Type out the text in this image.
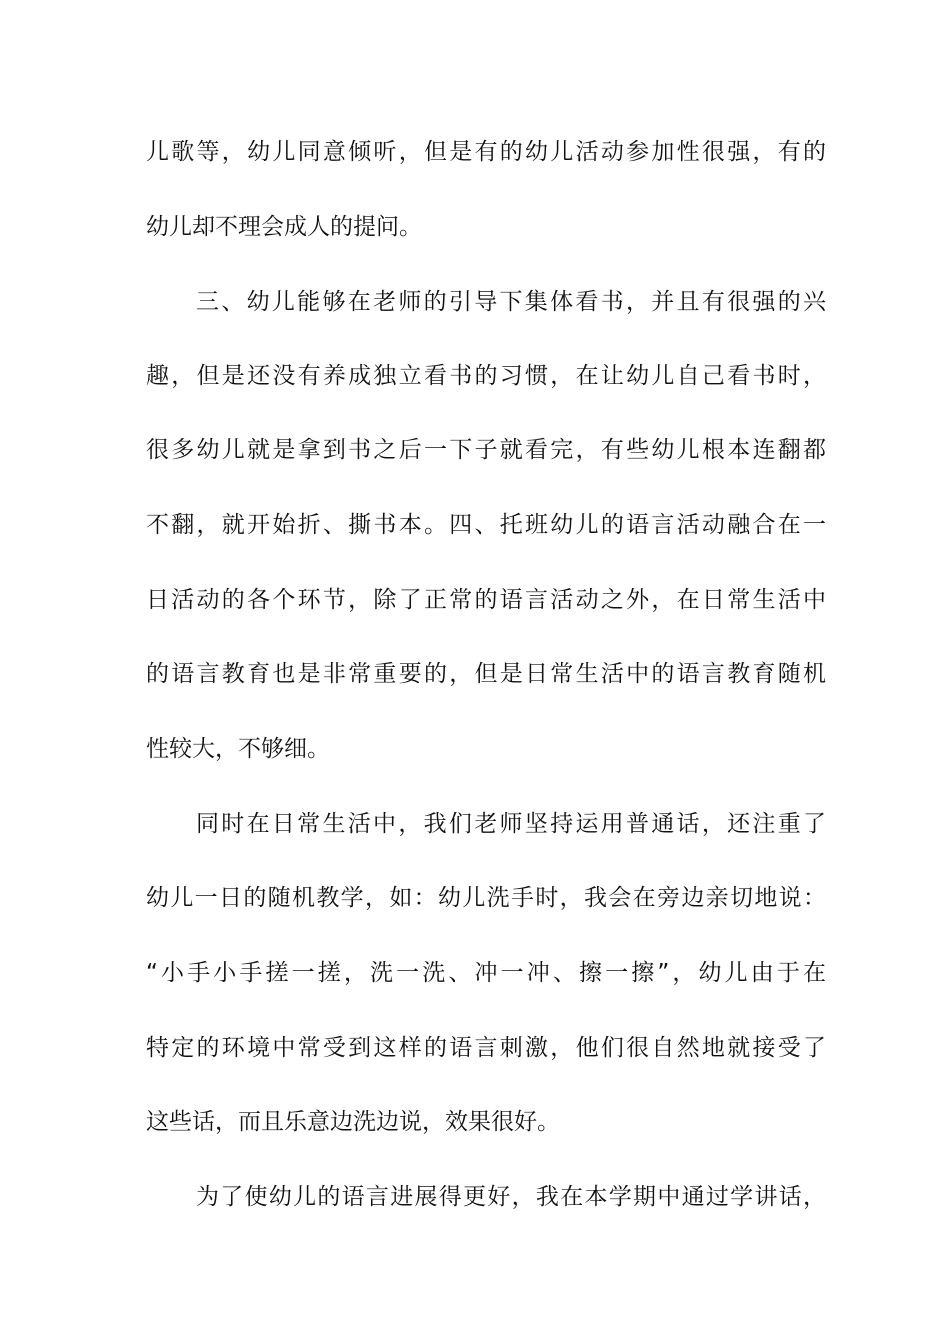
儿歌等，幼儿同意倾听，但是有的幼儿活动参加性很强，有的
幼儿却不理会成人的提问。
三、幼儿能够在老师的引导下集体看书，并且有很强的兴
趣，但是还没有养成独立看书的习惯，在让幼儿自己看书时，
很多幼儿就是拿到书之后一下子就看完，有些幼儿根本连翻都
不翻，就开始折、撕书本。四、托班幼儿的语言活动融合在一
日活动的各个环节，除了正常的语言活动之外，在日常生活中
的语言教育也是非常重要的，但是日常生活中的语言教育随机
性较大，不够细。
同时在日常生活中，我们老师坚持运用普通话，还注重了
幼儿一日的随机教学，如：幼儿洗手时，我会在旁边亲切地说：
“小手小手搓一搓，洗一洗、冲一冲、擦一擦”，幼儿由于在
特定的环境中常受到这样的语言刺激，他们很自然地就接受了
这些话，而且乐意边洗边说，效果很好。
为了使幼儿的语言进展得更好，我在本学期中通过学讲话，
